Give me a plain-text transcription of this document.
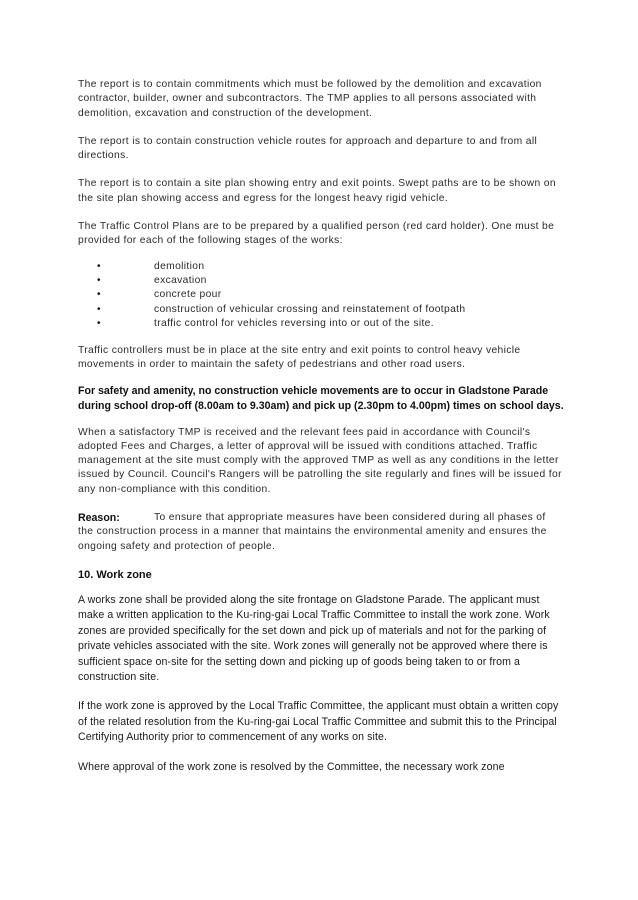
The report is to contain commitments which must be followed by the demolition and excavation contractor, builder, owner and subcontractors. The TMP applies to all persons associated with demolition, excavation and construction of the development.

The report is to contain construction vehicle routes for approach and departure to and from all directions.

The report is to contain a site plan showing entry and exit points. Swept paths are to be shown on the site plan showing access and egress for the longest heavy rigid vehicle.

The Traffic Control Plans are to be prepared by a qualified person (red card holder). One must be provided for each of the following stages of the works:

•	demolition
•	excavation
•	concrete pour
•	construction of vehicular crossing and reinstatement of footpath
•	traffic control for vehicles reversing into or out of the site.

Traffic controllers must be in place at the site entry and exit points to control heavy vehicle movements in order to maintain the safety of pedestrians and other road users.

For safety and amenity, no construction vehicle movements are to occur in Gladstone Parade during school drop-off (8.00am to 9.30am) and pick up (2.30pm to 4.00pm) times on school days.

When a satisfactory TMP is received and the relevant fees paid in accordance with Council's adopted Fees and Charges, a letter of approval will be issued with conditions attached. Traffic management at the site must comply with the approved TMP as well as any conditions in the letter issued by Council. Council's Rangers will be patrolling the site regularly and fines will be issued for any non-compliance with this condition.

Reason:	To ensure that appropriate measures have been considered during all phases of the construction process in a manner that maintains the environmental amenity and ensures the ongoing safety and protection of people.

10. Work zone

A works zone shall be provided along the site frontage on Gladstone Parade. The applicant must make a written application to the Ku-ring-gai Local Traffic Committee to install the work zone. Work zones are provided specifically for the set down and pick up of materials and not for the parking of private vehicles associated with the site. Work zones will generally not be approved where there is sufficient space on-site for the setting down and picking up of goods being taken to or from a construction site.

If the work zone is approved by the Local Traffic Committee, the applicant must obtain a written copy of the related resolution from the Ku-ring-gai Local Traffic Committee and submit this to the Principal Certifying Authority prior to commencement of any works on site.

Where approval of the work zone is resolved by the Committee, the necessary work zone
